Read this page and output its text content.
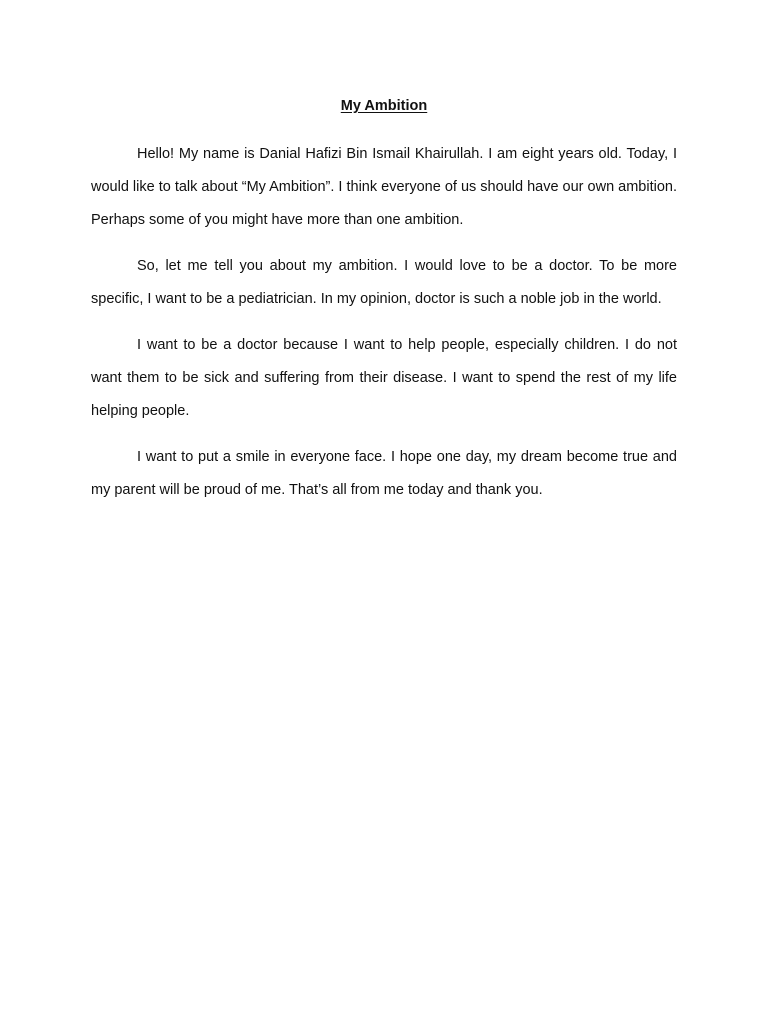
My Ambition

Hello! My name is Danial Hafizi Bin Ismail Khairullah. I am eight years old. Today, I would like to talk about “My Ambition”. I think everyone of us should have our own ambition. Perhaps some of you might have more than one ambition.

So, let me tell you about my ambition. I would love to be a doctor. To be more specific, I want to be a pediatrician. In my opinion, doctor is such a noble job in the world.

I want to be a doctor because I want to help people, especially children. I do not want them to be sick and suffering from their disease. I want to spend the rest of my life helping people.

I want to put a smile in everyone face. I hope one day, my dream become true and my parent will be proud of me. That’s all from me today and thank you.
